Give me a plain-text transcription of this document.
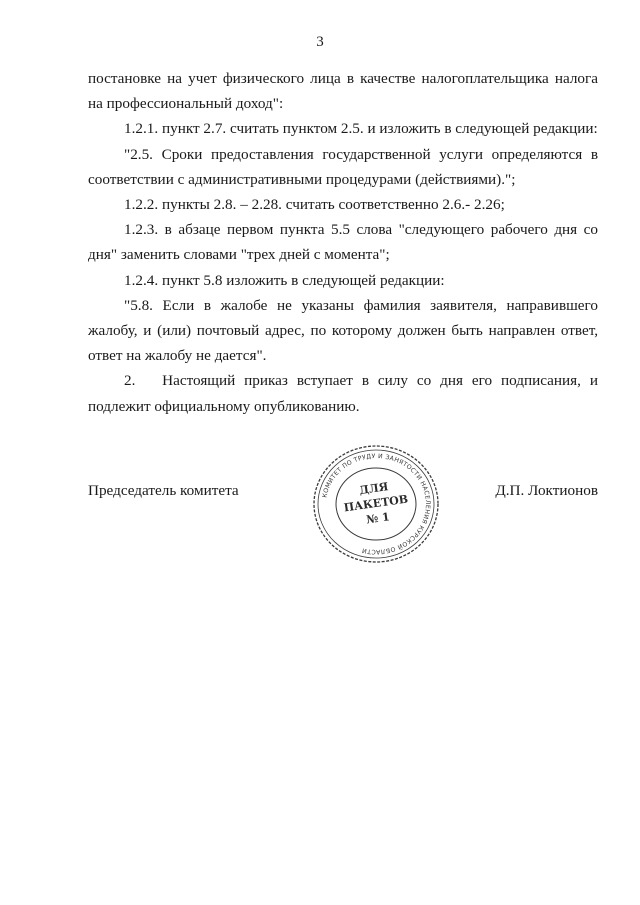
3

постановке на учет физического лица в качестве налогоплательщика налога на профессиональный доход":

1.2.1. пункт 2.7. считать пунктом 2.5. и изложить в следующей редакции:

"2.5. Сроки предоставления государственной услуги определяются в соответствии с административными процедурами (действиями).";

1.2.2. пункты 2.8. – 2.28. считать соответственно 2.6.- 2.26;

1.2.3. в абзаце первом пункта 5.5 слова "следующего рабочего дня со дня" заменить словами "трех дней с момента";

1.2.4. пункт 5.8 изложить в следующей редакции:

"5.8. Если в жалобе не указаны фамилия заявителя, направившего жалобу, и (или) почтовый адрес, по которому должен быть направлен ответ, ответ на жалобу не дается".

2.   Настоящий приказ вступает в силу со дня его подписания, и подлежит официальному опубликованию.

Председатель комитета	Д.П. Локтионов
КОМИТЕТ ПО ТРУДУ И ЗАНЯТОСТИ НАСЕЛЕНИЯ КУРСКОЙ ОБЛАСТИ
ДЛЯ
ПАКЕТОВ
№ 1
